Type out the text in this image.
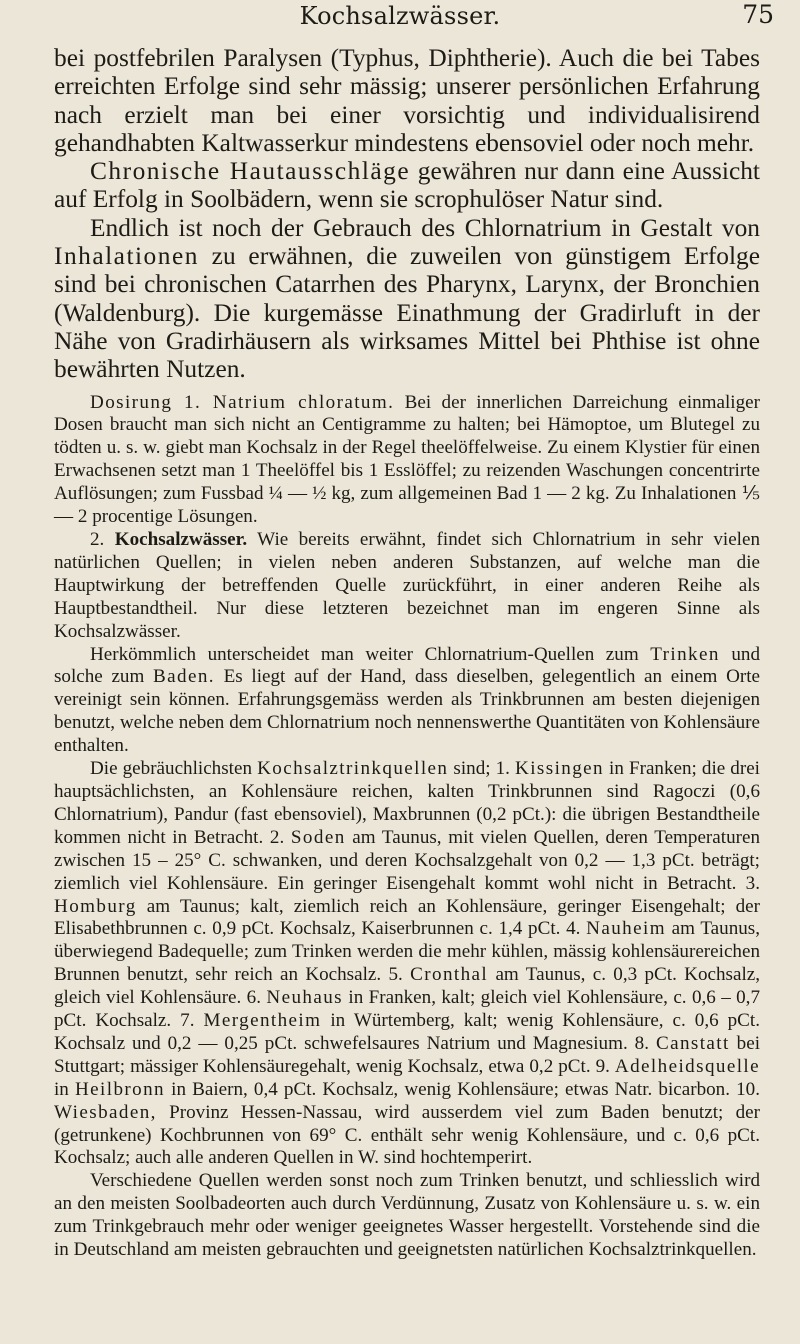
Kochsalzwässer.	75

bei postfebrilen Paralysen (Typhus, Diphtherie). Auch die bei Tabes erreichten Erfolge sind sehr mässig; unserer persönlichen Erfahrung nach erzielt man bei einer vorsichtig und individualisirend gehandhabten Kaltwasserkur mindestens ebensoviel oder noch mehr.

Chronische Hautausschläge gewähren nur dann eine Aussicht auf Erfolg in Soolbädern, wenn sie scrophulöser Natur sind.

Endlich ist noch der Gebrauch des Chlornatrium in Gestalt von Inhalationen zu erwähnen, die zuweilen von günstigem Erfolge sind bei chronischen Catarrhen des Pharynx, Larynx, der Bronchien (Waldenburg). Die kurgemässe Einathmung der Gradirluft in der Nähe von Gradirhäusern als wirksames Mittel bei Phthise ist ohne bewährten Nutzen.

Dosirung 1. Natrium chloratum. Bei der innerlichen Darreichung einmaliger Dosen braucht man sich nicht an Centigramme zu halten; bei Hämoptoe, um Blutegel zu tödten u. s. w. giebt man Kochsalz in der Regel theelöffelweise. Zu einem Klystier für einen Erwachsenen setzt man 1 Theelöffel bis 1 Esslöffel; zu reizenden Waschungen concentrirte Auflösungen; zum Fussbad ¼ — ½ kg, zum allgemeinen Bad 1 — 2 kg. Zu Inhalationen ⅕ — 2 procentige Lösungen.

2. Kochsalzwässer. Wie bereits erwähnt, findet sich Chlornatrium in sehr vielen natürlichen Quellen; in vielen neben anderen Substanzen, auf welche man die Hauptwirkung der betreffenden Quelle zurückführt, in einer anderen Reihe als Hauptbestandtheil. Nur diese letzteren bezeichnet man im engeren Sinne als Kochsalzwässer.

Herkömmlich unterscheidet man weiter Chlornatrium-Quellen zum Trinken und solche zum Baden. Es liegt auf der Hand, dass dieselben, gelegentlich an einem Orte vereinigt sein können. Erfahrungsgemäss werden als Trinkbrunnen am besten diejenigen benutzt, welche neben dem Chlornatrium noch nennenswerthe Quantitäten von Kohlensäure enthalten.

Die gebräuchlichsten Kochsalztrinkquellen sind; 1. Kissingen in Franken; die drei hauptsächlichsten, an Kohlensäure reichen, kalten Trinkbrunnen sind Ragoczi (0,6 Chlornatrium), Pandur (fast ebensoviel), Maxbrunnen (0,2 pCt.): die übrigen Bestandtheile kommen nicht in Betracht. 2. Soden am Taunus, mit vielen Quellen, deren Temperaturen zwischen 15 – 25° C. schwanken, und deren Kochsalzgehalt von 0,2 — 1,3 pCt. beträgt; ziemlich viel Kohlensäure. Ein geringer Eisengehalt kommt wohl nicht in Betracht. 3. Homburg am Taunus; kalt, ziemlich reich an Kohlensäure, geringer Eisengehalt; der Elisabethbrunnen c. 0,9 pCt. Kochsalz, Kaiserbrunnen c. 1,4 pCt. 4. Nauheim am Taunus, überwiegend Badequelle; zum Trinken werden die mehr kühlen, mässig kohlensäurereichen Brunnen benutzt, sehr reich an Kochsalz. 5. Cronthal am Taunus, c. 0,3 pCt. Kochsalz, gleich viel Kohlensäure. 6. Neuhaus in Franken, kalt; gleich viel Kohlensäure, c. 0,6 – 0,7 pCt. Kochsalz. 7. Mergentheim in Würtemberg, kalt; wenig Kohlensäure, c. 0,6 pCt. Kochsalz und 0,2 — 0,25 pCt. schwefelsaures Natrium und Magnesium. 8. Canstatt bei Stuttgart; mässiger Kohlensäuregehalt, wenig Kochsalz, etwa 0,2 pCt. 9. Adelheidsquelle in Heilbronn in Baiern, 0,4 pCt. Kochsalz, wenig Kohlensäure; etwas Natr. bicarbon. 10. Wiesbaden, Provinz Hessen-Nassau, wird ausserdem viel zum Baden benutzt; der (getrunkene) Kochbrunnen von 69° C. enthält sehr wenig Kohlensäure, und c. 0,6 pCt. Kochsalz; auch alle anderen Quellen in W. sind hochtemperirt.

Verschiedene Quellen werden sonst noch zum Trinken benutzt, und schliesslich wird an den meisten Soolbadeorten auch durch Verdünnung, Zusatz von Kohlensäure u. s. w. ein zum Trinkgebrauch mehr oder weniger geeignetes Wasser hergestellt. Vorstehende sind die in Deutschland am meisten gebrauchten und geeignetsten natürlichen Kochsalztrinkquellen.
